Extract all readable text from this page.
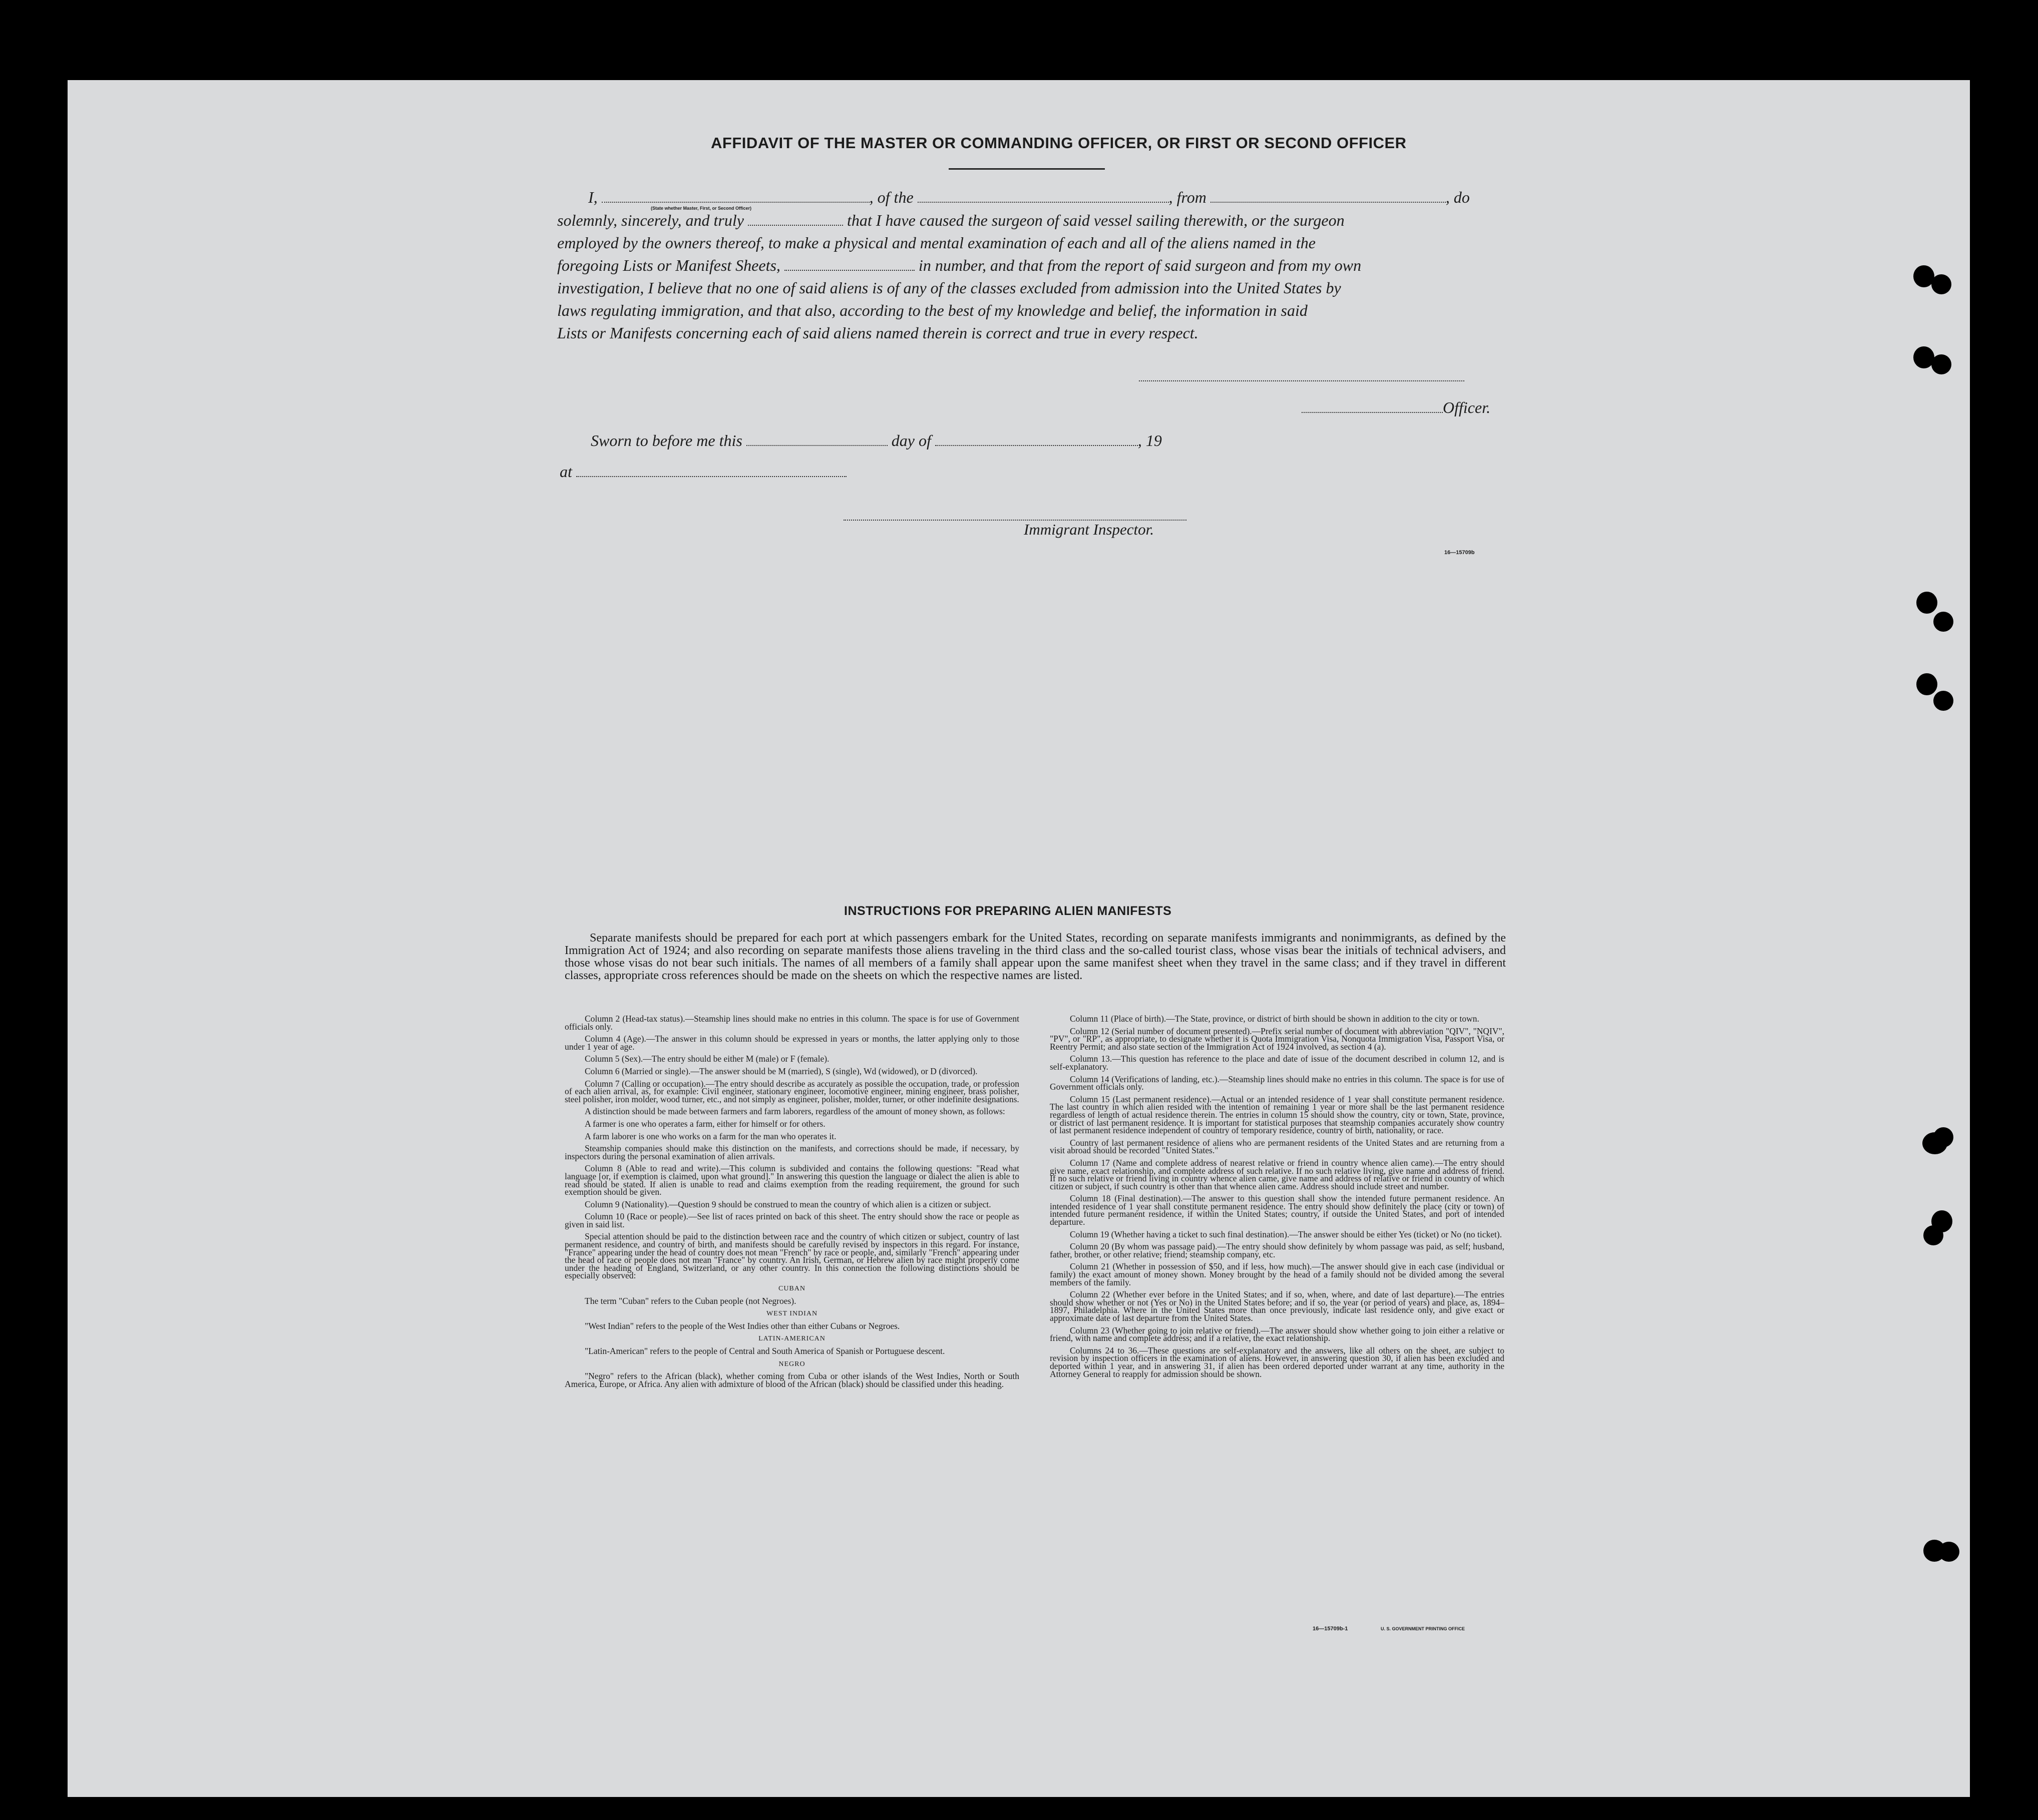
AFFIDAVIT OF THE MASTER OR COMMANDING OFFICER, OR FIRST OR SECOND OFFICER
I,	, of the	, from	, do
(State whether Master, First, or Second Officer)
solemnly, sincerely, and truly	that I have caused the surgeon of said vessel sailing therewith, or the surgeon
employed by the owners thereof, to make a physical and mental examination of each and all of the aliens named in the
foregoing Lists or Manifest Sheets,	in number, and that from the report of said surgeon and from my own
investigation, I believe that no one of said aliens is of any of the classes excluded from admission into the United States by
laws regulating immigration, and that also, according to the best of my knowledge and belief, the information in said
Lists or Manifests concerning each of said aliens named therein is correct and true in every respect.
Officer.
Sworn to before me this	day of	, 19
at
Immigrant Inspector.
16—15709b
INSTRUCTIONS FOR PREPARING ALIEN MANIFESTS
Separate manifests should be prepared for each port at which passengers embark for the United States, recording on separate manifests immigrants and nonimmigrants, as defined by the Immigration Act of 1924; and also recording on separate manifests those aliens traveling in the third class and the so-called tourist class, whose visas bear the initials of technical advisers, and those whose visas do not bear such initials. The names of all members of a family shall appear upon the same manifest sheet when they travel in the same class; and if they travel in different classes, appropriate cross references should be made on the sheets on which the respective names are listed.

Column 2 (Head-tax status).—Steamship lines should make no entries in this column. The space is for use of Government officials only.

Column 4 (Age).—The answer in this column should be expressed in years or months, the latter applying only to those under 1 year of age.

Column 5 (Sex).—The entry should be either M (male) or F (female).

Column 6 (Married or single).—The answer should be M (married), S (single), Wd (widowed), or D (divorced).

Column 7 (Calling or occupation).—The entry should describe as accurately as possible the occupation, trade, or profession of each alien arrival, as, for example: Civil engineer, stationary engineer, locomotive engineer, mining engineer, brass polisher, steel polisher, iron molder, wood turner, etc., and not simply as engineer, polisher, molder, turner, or other indefinite designations.

A distinction should be made between farmers and farm laborers, regardless of the amount of money shown, as follows:

A farmer is one who operates a farm, either for himself or for others.

A farm laborer is one who works on a farm for the man who operates it.

Steamship companies should make this distinction on the manifests, and corrections should be made, if necessary, by inspectors during the personal examination of alien arrivals.

Column 8 (Able to read and write).—This column is subdivided and contains the following questions: "Read what language [or, if exemption is claimed, upon what ground]." In answering this question the language or dialect the alien is able to read should be stated. If alien is unable to read and claims exemption from the reading requirement, the ground for such exemption should be given.

Column 9 (Nationality).—Question 9 should be construed to mean the country of which alien is a citizen or subject.

Column 10 (Race or people).—See list of races printed on back of this sheet. The entry should show the race or people as given in said list.

Special attention should be paid to the distinction between race and the country of which citizen or subject, country of last permanent residence, and country of birth, and manifests should be carefully revised by inspectors in this regard. For instance, "France" appearing under the head of country does not mean "French" by race or people, and, similarly "French" appearing under the head of race or people does not mean "France" by country. An Irish, German, or Hebrew alien by race might properly come under the heading of England, Switzerland, or any other country. In this connection the following distinctions should be especially observed:

CUBAN

The term "Cuban" refers to the Cuban people (not Negroes).

WEST INDIAN

"West Indian" refers to the people of the West Indies other than either Cubans or Negroes.

LATIN-AMERICAN

"Latin-American" refers to the people of Central and South America of Spanish or Portuguese descent.

NEGRO

"Negro" refers to the African (black), whether coming from Cuba or other islands of the West Indies, North or South America, Europe, or Africa. Any alien with admixture of blood of the African (black) should be classified under this heading.

Column 11 (Place of birth).—The State, province, or district of birth should be shown in addition to the city or town.

Column 12 (Serial number of document presented).—Prefix serial number of document with abbreviation "QIV", "NQIV", "PV", or "RP", as appropriate, to designate whether it is Quota Immigration Visa, Nonquota Immigration Visa, Passport Visa, or Reentry Permit; and also state section of the Immigration Act of 1924 involved, as section 4 (a).

Column 13.—This question has reference to the place and date of issue of the document described in column 12, and is self-explanatory.

Column 14 (Verifications of landing, etc.).—Steamship lines should make no entries in this column. The space is for use of Government officials only.

Column 15 (Last permanent residence).—Actual or an intended residence of 1 year shall constitute permanent residence. The last country in which alien resided with the intention of remaining 1 year or more shall be the last permanent residence regardless of length of actual residence therein. The entries in column 15 should show the country, city or town, State, province, or district of last permanent residence. It is important for statistical purposes that steamship companies accurately show country of last permanent residence independent of country of temporary residence, country of birth, nationality, or race.

Country of last permanent residence of aliens who are permanent residents of the United States and are returning from a visit abroad should be recorded "United States."

Column 17 (Name and complete address of nearest relative or friend in country whence alien came).—The entry should give name, exact relationship, and complete address of such relative. If no such relative living, give name and address of friend. If no such relative or friend living in country whence alien came, give name and address of relative or friend in country of which citizen or subject, if such country is other than that whence alien came. Address should include street and number.

Column 18 (Final destination).—The answer to this question shall show the intended future permanent residence. An intended residence of 1 year shall constitute permanent residence. The entry should show definitely the place (city or town) of intended future permanent residence, if within the United States; country, if outside the United States, and port of intended departure.

Column 19 (Whether having a ticket to such final destination).—The answer should be either Yes (ticket) or No (no ticket).

Column 20 (By whom was passage paid).—The entry should show definitely by whom passage was paid, as self; husband, father, brother, or other relative; friend; steamship company, etc.

Column 21 (Whether in possession of $50, and if less, how much).—The answer should give in each case (individual or family) the exact amount of money shown. Money brought by the head of a family should not be divided among the several members of the family.

Column 22 (Whether ever before in the United States; and if so, when, where, and date of last departure).—The entries should show whether or not (Yes or No) in the United States before; and if so, the year (or period of years) and place, as, 1894–1897, Philadelphia. Where in the United States more than once previously, indicate last residence only, and give exact or approximate date of last departure from the United States.

Column 23 (Whether going to join relative or friend).—The answer should show whether going to join either a relative or friend, with name and complete address; and if a relative, the exact relationship.

Columns 24 to 36.—These questions are self-explanatory and the answers, like all others on the sheet, are subject to revision by inspection officers in the examination of aliens. However, in answering question 30, if alien has been excluded and deported within 1 year, and in answering 31, if alien has been ordered deported under warrant at any time, authority in the Attorney General to reapply for admission should be shown.

16—15709b-1	U. S. GOVERNMENT PRINTING OFFICE
